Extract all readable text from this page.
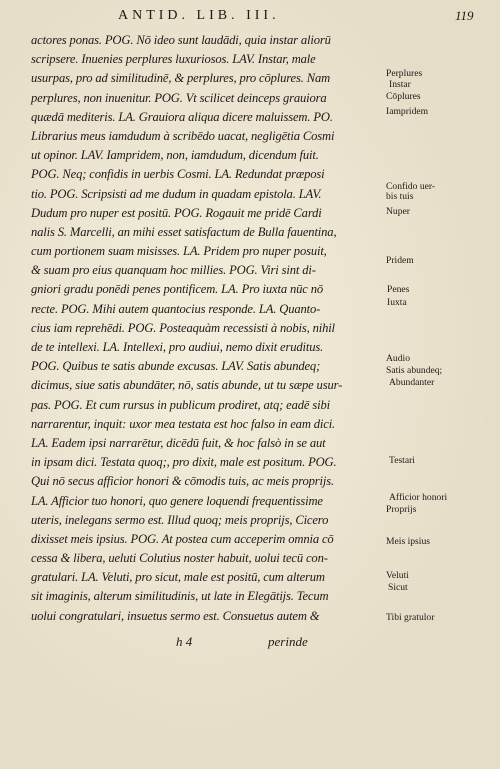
ANTID. LIB. III.	119
actores ponas. POG. Nō ideo sunt laudādi, quia instar aliorū
scripsere. Inuenies perplures luxuriosos. LAV. Instar, male
usurpas, pro ad similitudinē, & perplures, pro cōplures. Nam
perplures, non inuenitur. POG. Vt scilicet deinceps grauiora
quædā mediteris. LA. Grauiora aliqua dicere maluissem. PO.
Librarius meus iamdudum à scribēdo uacat, negligētia Cosmi
ut opinor. LAV. Iampridem, non, iamdudum, dicendum fuit.
POG. Neq; confidis in uerbis Cosmi. LA. Redundat præposi
tio. POG. Scripsisti ad me dudum in quadam epistola. LAV.
Dudum pro nuper est positū. POG. Rogauit me pridē Cardi
nalis S. Marcelli, an mihi esset satisfactum de Bulla fauentina,
cum portionem suam misisses. LA. Pridem pro nuper posuit,
& suam pro eius quanquam hoc millies. POG. Viri sint di-
gniori gradu ponēdi penes pontificem. LA. Pro iuxta nūc nō
recte. POG. Mihi autem quantocius responde. LA. Quanto-
cius iam reprehēdi. POG. Posteaquàm recessisti à nobis, nihil
de te intellexi. LA. Intellexi, pro audiui, nemo dixit eruditus.
POG. Quibus te satis abunde excusas. LAV. Satis abundeq;
dicimus, siue satis abundāter, nō, satis abunde, ut tu sæpe usur-
pas. POG. Et cum rursus in publicum prodiret, atq; eadē sibi
narrarentur, inquit: uxor mea testata est hoc falso in eam dici.
LA. Eadem ipsi narrarētur, dicēdū fuit, & hoc falsò in se aut
in ipsam dici. Testata quoq;, pro dixit, male est positum. POG.
Qui nō secus afficior honori & cōmodis tuis, ac meis proprijs.
LA. Afficior tuo honori, quo genere loquendi frequentissime
uteris, inelegans sermo est. Illud quoq; meis proprijs, Cicero
dixisset meis ipsius. POG. At postea cum acceperim omnia cō
cessa & libera, ueluti Colutius noster habuit, uolui tecū con-
gratulari. LA. Veluti, pro sicut, male est positū, cum alterum
sit imaginis, alterum similitudinis, ut late in Elegātijs. Tecum
uolui congratulari, insuetus sermo est. Consuetus autem &
Perplures
Instar
Cōplures
Iampridem
Confido uer-
bis tuis
Nuper
Pridem
Penes
Iuxta
Audio
Satis abundeq;
Abundanter
Testari
Afficior honori
Proprijs
Meis ipsius
Veluti
Sicut
Tibi gratulor
h 4	perinde
